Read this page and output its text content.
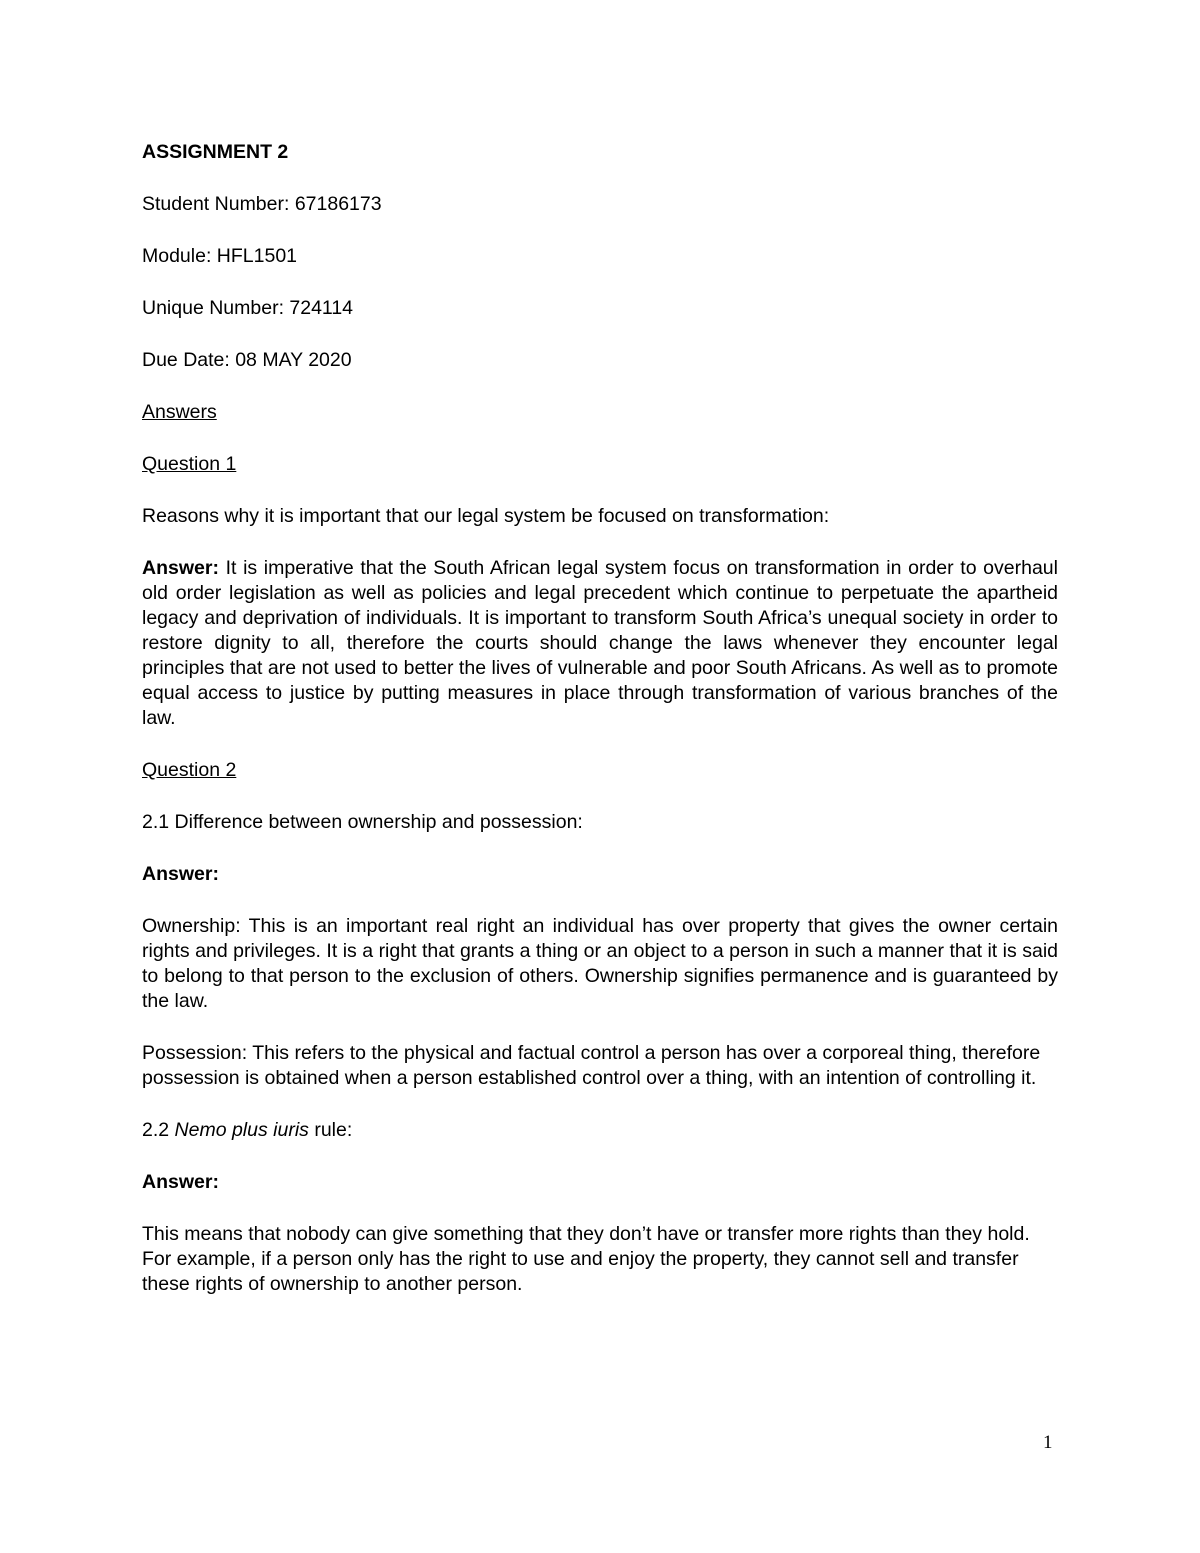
ASSIGNMENT 2

Student Number: 67186173

Module: HFL1501

Unique Number: 724114

Due Date: 08 MAY 2020

Answers

Question 1

Reasons why it is important that our legal system be focused on transformation:

Answer: It is imperative that the South African legal system focus on transformation in order to overhaul old order legislation as well as policies and legal precedent which continue to perpetuate the apartheid legacy and deprivation of individuals. It is important to transform South Africa’s unequal society in order to restore dignity to all, therefore the courts should change the laws whenever they encounter legal principles that are not used to better the lives of vulnerable and poor South Africans. As well as to promote equal access to justice by putting measures in place through transformation of various branches of the law.

Question 2

2.1 Difference between ownership and possession:

Answer:

Ownership: This is an important real right an individual has over property that gives the owner certain rights and privileges. It is a right that grants a thing or an object to a person in such a manner that it is said to belong to that person to the exclusion of others. Ownership signifies permanence and is guaranteed by the law.

Possession: This refers to the physical and factual control a person has over a corporeal thing, therefore possession is obtained when a person established control over a thing, with an intention of controlling it.

2.2 Nemo plus iuris rule:

Answer:

This means that nobody can give something that they don’t have or transfer more rights than they hold. For example, if a person only has the right to use and enjoy the property, they cannot sell and transfer these rights of ownership to another person.

1
